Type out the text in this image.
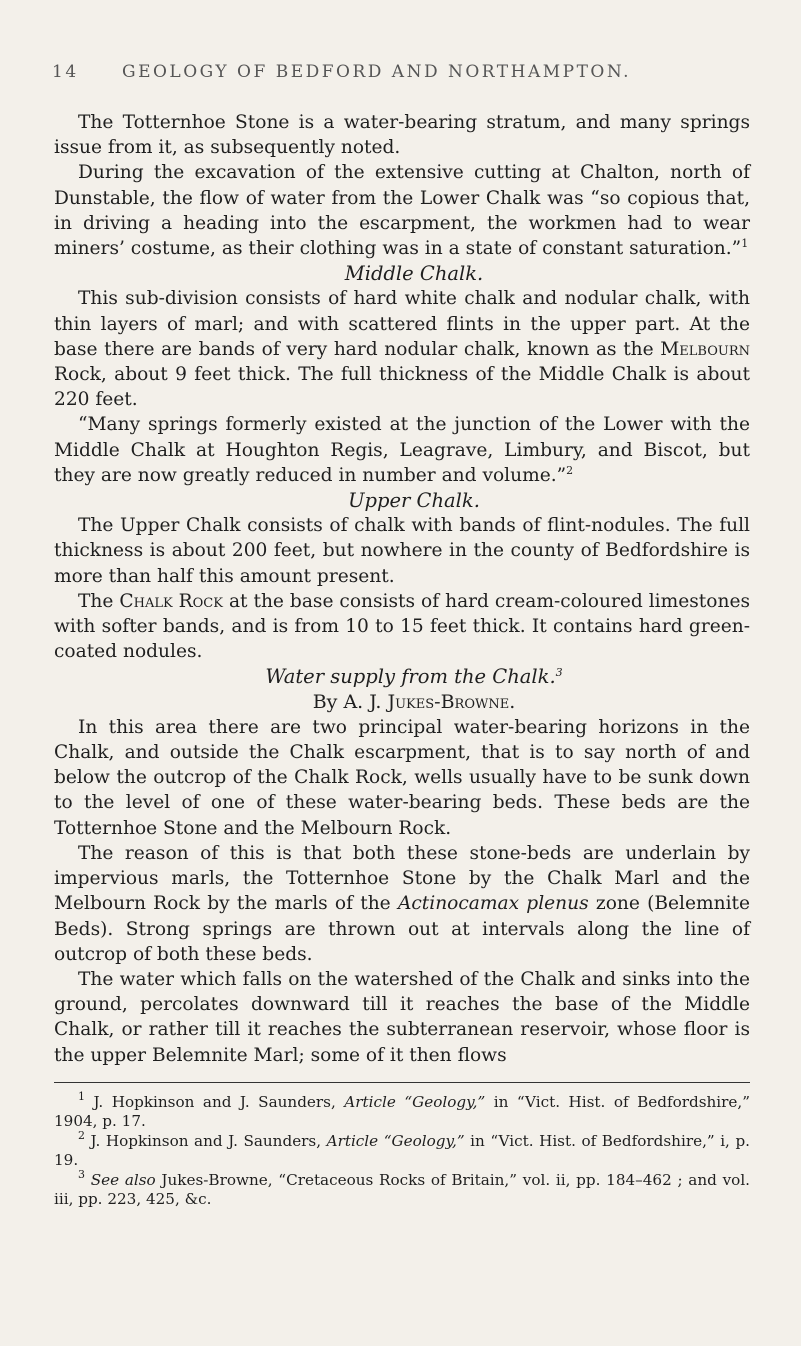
14	GEOLOGY OF BEDFORD AND NORTHAMPTON.

The Totternhoe Stone is a water-bearing stratum, and many springs issue from it, as subsequently noted.

During the excavation of the extensive cutting at Chalton, north of Dunstable, the flow of water from the Lower Chalk was “so copious that, in driving a heading into the escarpment, the workmen had to wear miners’ costume, as their clothing was in a state of constant saturation.”$^1$

Middle Chalk.

This sub-division consists of hard white chalk and nodular chalk, with thin layers of marl; and with scattered flints in the upper part. At the base there are bands of very hard nodular chalk, known as the Melbourn Rock, about 9 feet thick. The full thickness of the Middle Chalk is about 220 feet.

“Many springs formerly existed at the junction of the Lower with the Middle Chalk at Houghton Regis, Leagrave, Limbury, and Biscot, but they are now greatly reduced in number and volume.”$^2$

Upper Chalk.

The Upper Chalk consists of chalk with bands of flint-nodules. The full thickness is about 200 feet, but nowhere in the county of Bedfordshire is more than half this amount present.

The Chalk Rock at the base consists of hard cream-coloured limestones with softer bands, and is from 10 to 15 feet thick. It contains hard green-coated nodules.

Water supply from the Chalk.$^3$

By A. J. Jukes-Browne.

In this area there are two principal water-bearing horizons in the Chalk, and outside the Chalk escarpment, that is to say north of and below the outcrop of the Chalk Rock, wells usually have to be sunk down to the level of one of these water-bearing beds. These beds are the Totternhoe Stone and the Melbourn Rock.

The reason of this is that both these stone-beds are underlain by impervious marls, the Totternhoe Stone by the Chalk Marl and the Melbourn Rock by the marls of the Actinocamax plenus zone (Belemnite Beds). Strong springs are thrown out at intervals along the line of outcrop of both these beds.

The water which falls on the watershed of the Chalk and sinks into the ground, percolates downward till it reaches the base of the Middle Chalk, or rather till it reaches the subterranean reservoir, whose floor is the upper Belemnite Marl; some of it then flows

$^1$ J. Hopkinson and J. Saunders, Article “Geology,” in “Vict. Hist. of Bedfordshire,” 1904, p. 17.

$^2$ J. Hopkinson and J. Saunders, Article “Geology,” in “Vict. Hist. of Bedfordshire,” i, p. 19.

$^3$ See also Jukes-Browne, “Cretaceous Rocks of Britain,” vol. ii, pp. 184–462 ; and vol. iii, pp. 223, 425, &c.
